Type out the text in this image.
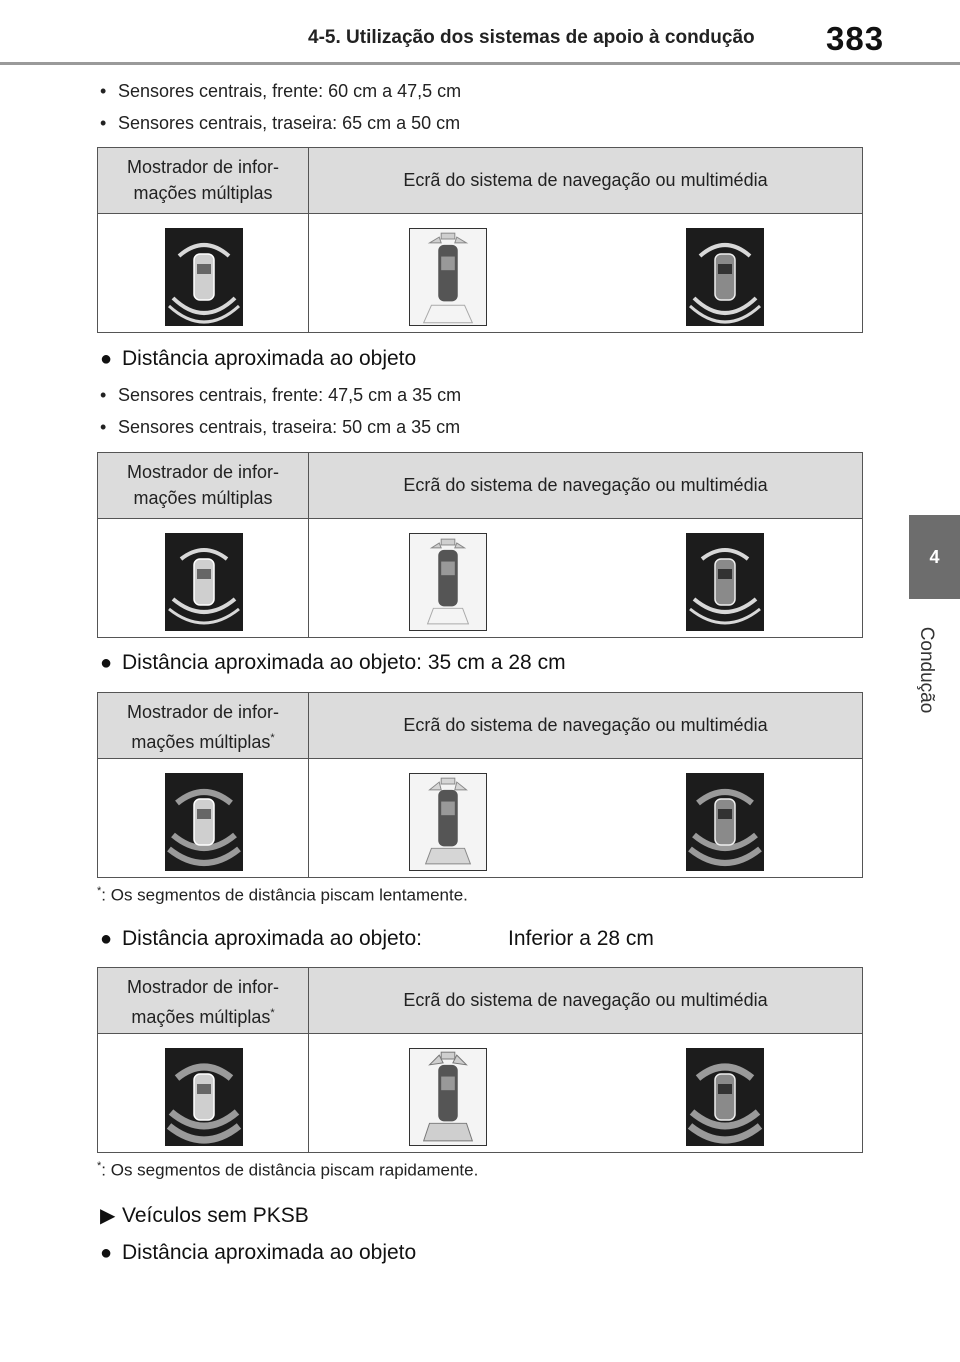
4-5. Utilização dos sistemas de apoio à condução 383
4
Condução
• Sensores centrais, frente: 60 cm a 47,5 cm
• Sensores centrais, traseira: 65 cm a 50 cm
Mostrador de infor-
mações múltiplas
Ecrã do sistema de navegação ou multimédia
● Distância aproximada ao objeto
• Sensores centrais, frente: 47,5 cm a 35 cm
• Sensores centrais, traseira: 50 cm a 35 cm
Mostrador de infor-
mações múltiplas
Ecrã do sistema de navegação ou multimédia
● Distância aproximada ao objeto: 35 cm a 28 cm
Mostrador de infor-
mações múltiplas*
Ecrã do sistema de navegação ou multimédia
*: Os segmentos de distância piscam lentamente.
● Distância aproximada ao objeto:	Inferior a 28 cm
Mostrador de infor-
mações múltiplas*
Ecrã do sistema de navegação ou multimédia
*: Os segmentos de distância piscam rapidamente.
▶ Veículos sem PKSB
● Distância aproximada ao objeto
